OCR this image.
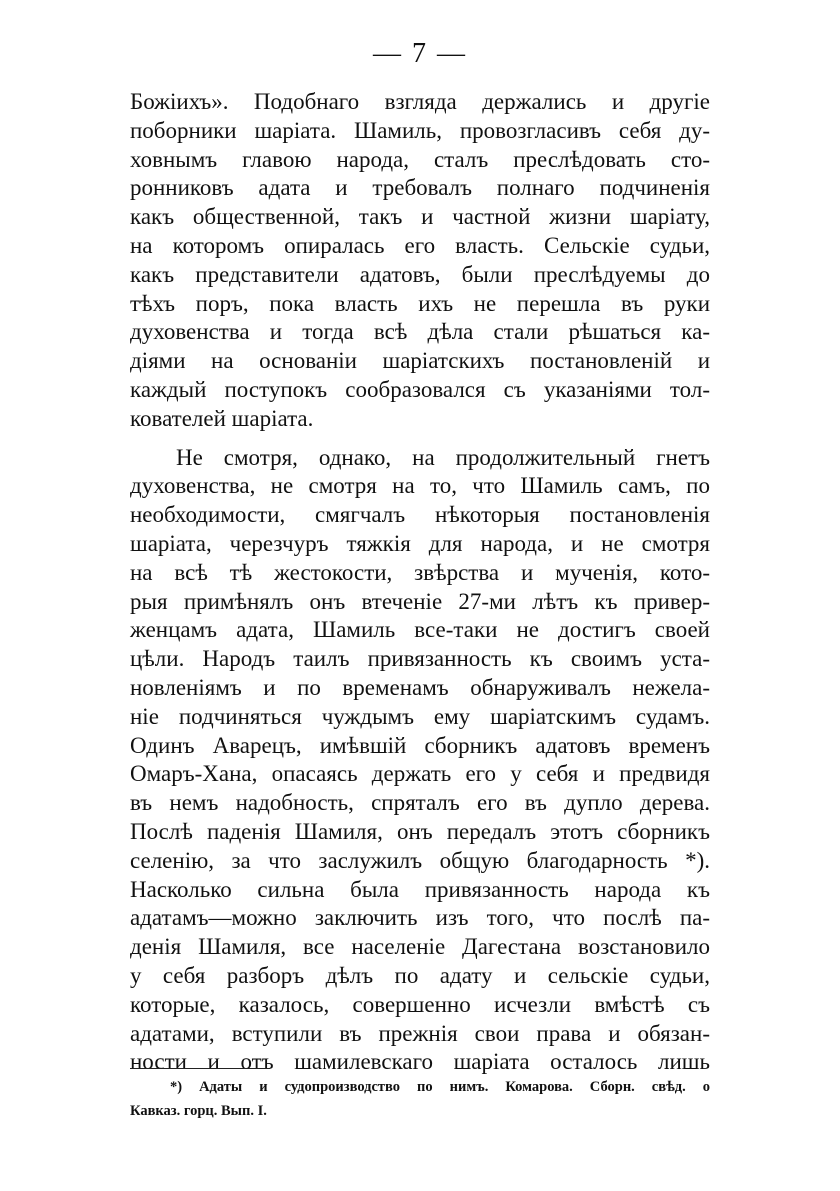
— 7 —
Божіихъ». Подобнаго взгляда держались и другіе
поборники шаріата. Шамиль, провозгласивъ себя ду-
ховнымъ главою народа, сталъ преслѣдовать сто-
ронниковъ адата и требовалъ полнаго подчиненія
какъ общественной, такъ и частной жизни шаріату,
на которомъ опиралась его власть. Сельскіе судьи,
какъ представители адатовъ, были преслѣдуемы до
тѣхъ поръ, пока власть ихъ не перешла въ руки
духовенства и тогда всѣ дѣла стали рѣшаться ка-
діями на основаніи шаріатскихъ постановленій и
каждый поступокъ сообразовался съ указаніями тол-
кователей шаріата.
Не смотря, однако, на продолжительный гнетъ
духовенства, не смотря на то, что Шамиль самъ, по
необходимости, смягчалъ нѣкоторыя постановленія
шаріата, черезчуръ тяжкія для народа, и не смотря
на всѣ тѣ жестокости, звѣрства и мученія, кото-
рыя примѣнялъ онъ втеченіе 27-ми лѣтъ къ привер-
женцамъ адата, Шамиль все-таки не достигъ своей
цѣли. Народъ таилъ привязанность къ своимъ уста-
новленіямъ и по временамъ обнаруживалъ нежела-
ніе подчиняться чуждымъ ему шаріатскимъ судамъ.
Одинъ Аварецъ, имѣвшій сборникъ адатовъ временъ
Омаръ-Хана, опасаясь держать его у себя и предвидя
въ немъ надобность, спряталъ его въ дупло дерева.
Послѣ паденія Шамиля, онъ передалъ этотъ сборникъ
селенію, за что заслужилъ общую благодарность *).
Насколько сильна была привязанность народа къ
адатамъ—можно заключить изъ того, что послѣ па-
денія Шамиля, все населеніе Дагестана возстановило
у себя разборъ дѣлъ по адату и сельскіе судьи,
которые, казалось, совершенно исчезли вмѣстѣ съ
адатами, вступили въ прежнія свои права и обязан-
ности и отъ шамилевскаго шаріата осталось лишь
*) Адаты и судопроизводство по нимъ. Комарова. Сборн. свѣд. о
Кавказ. горц. Вып. I.
